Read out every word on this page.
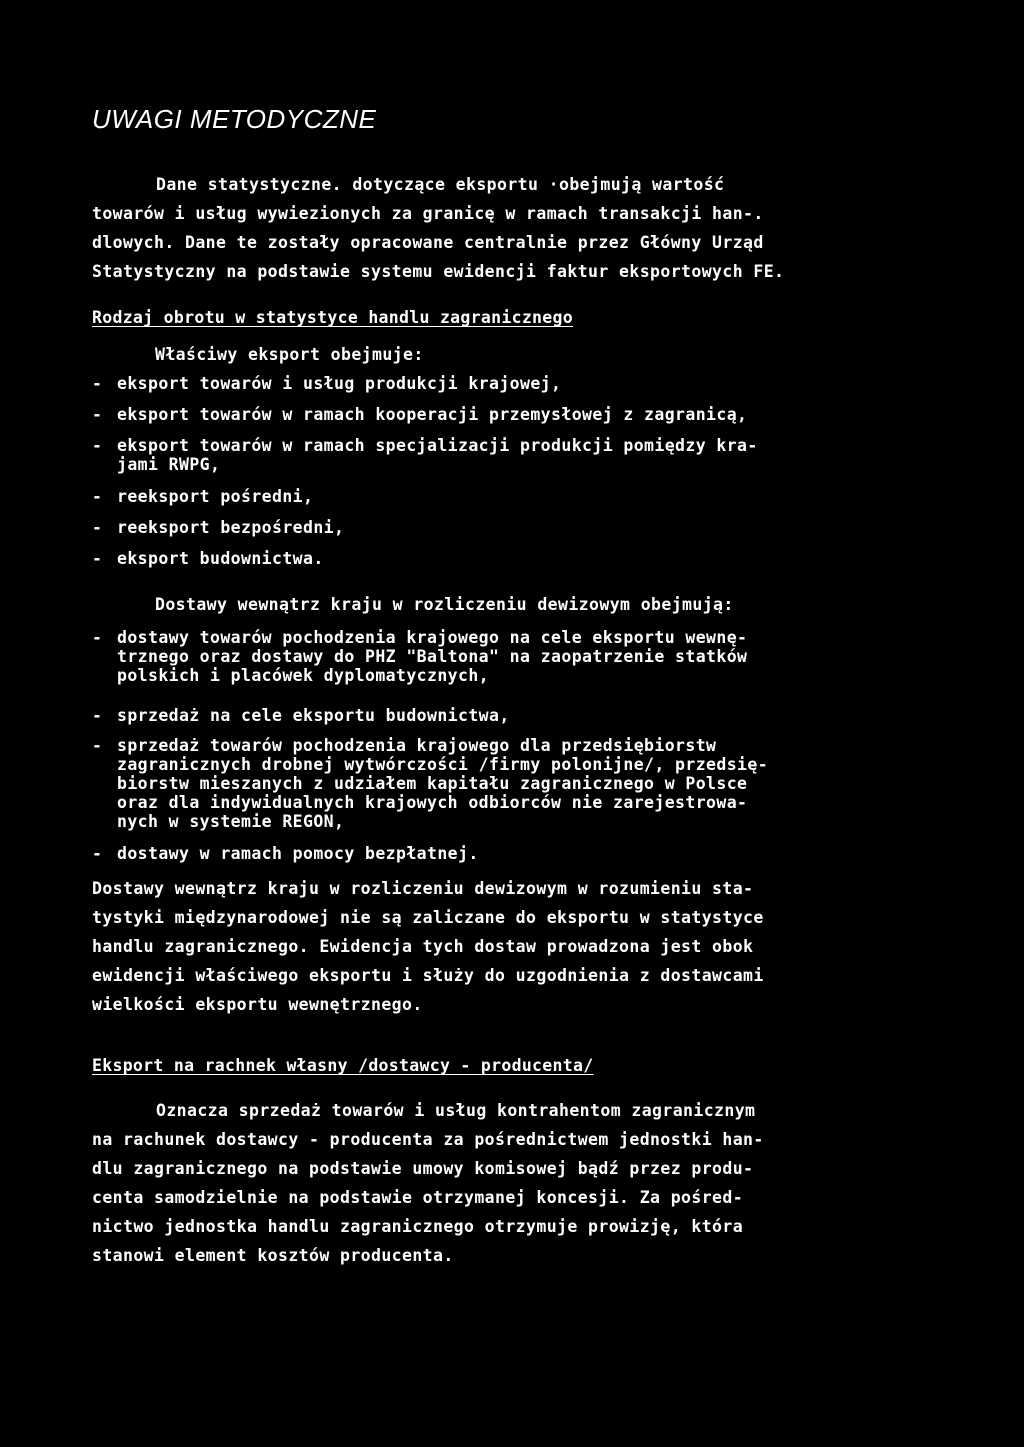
UWAGI METODYCZNE
Dane statystyczne. dotyczące eksportu ·obejmują wartość
towarów i usług wywiezionych za granicę w ramach transakcji han-.
dlowych. Dane te zostały opracowane centralnie przez Główny Urząd
Statystyczny na podstawie systemu ewidencji faktur eksportowych FE.
Rodzaj obrotu w statystyce handlu zagranicznego
Właściwy eksport obejmuje:
- eksport towarów i usług produkcji krajowej,
- eksport towarów w ramach kooperacji przemysłowej z zagranicą,
- eksport towarów w ramach specjalizacji produkcji pomiędzy kra-
jami RWPG,
- reeksport pośredni,
- reeksport bezpośredni,
- eksport budownictwa.
Dostawy wewnątrz kraju w rozliczeniu dewizowym obejmują:
- dostawy towarów pochodzenia krajowego na cele eksportu wewnę-
trznego oraz dostawy do PHZ "Baltona" na zaopatrzenie statków
polskich i placówek dyplomatycznych,
- sprzedaż na cele eksportu budownictwa,
- sprzedaż towarów pochodzenia krajowego dla przedsiębiorstw
zagranicznych drobnej wytwórczości /firmy polonijne/, przedsię-
biorstw mieszanych z udziałem kapitału zagranicznego w Polsce
oraz dla indywidualnych krajowych odbiorców nie zarejestrowa-
nych w systemie REGON,
- dostawy w ramach pomocy bezpłatnej.
Dostawy wewnątrz kraju w rozliczeniu dewizowym w rozumieniu sta-
tystyki międzynarodowej nie są zaliczane do eksportu w statystyce
handlu zagranicznego. Ewidencja tych dostaw prowadzona jest obok
ewidencji właściwego eksportu i służy do uzgodnienia z dostawcami
wielkości eksportu wewnętrznego.
Eksport na rachnek własny /dostawcy - producenta/
Oznacza sprzedaż towarów i usług kontrahentom zagranicznym
na rachunek dostawcy - producenta za pośrednictwem jednostki han-
dlu zagranicznego na podstawie umowy komisowej bądź przez produ-
centa samodzielnie na podstawie otrzymanej koncesji. Za pośred-
nictwo jednostka handlu zagranicznego otrzymuje prowizję, która
stanowi element kosztów producenta.
